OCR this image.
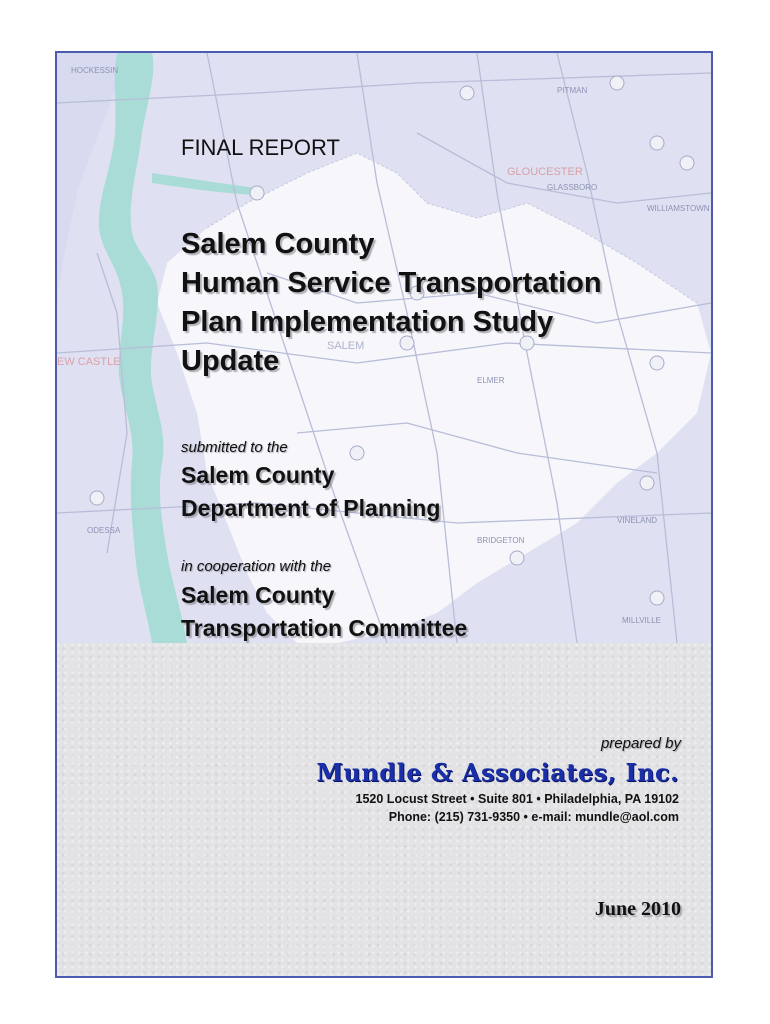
HOCKESSIN
GLOUCESTER
GLASSBORO
WILLIAMSTOWN
SALEM
EW CASTLE
VINELAND
BRIDGETON
MILLVILLE
PITMAN
ELMER
ODESSA
FINAL REPORT
Salem County
Human Service Transportation
Plan Implementation Study
Update
submitted to the
Salem County
Department of Planning
in cooperation with the
Salem County
Transportation Committee
prepared by
Mundle & Associates, Inc.
1520 Locust Street • Suite 801 • Philadelphia, PA 19102
Phone: (215) 731-9350 • e-mail: mundle@aol.com
June 2010
